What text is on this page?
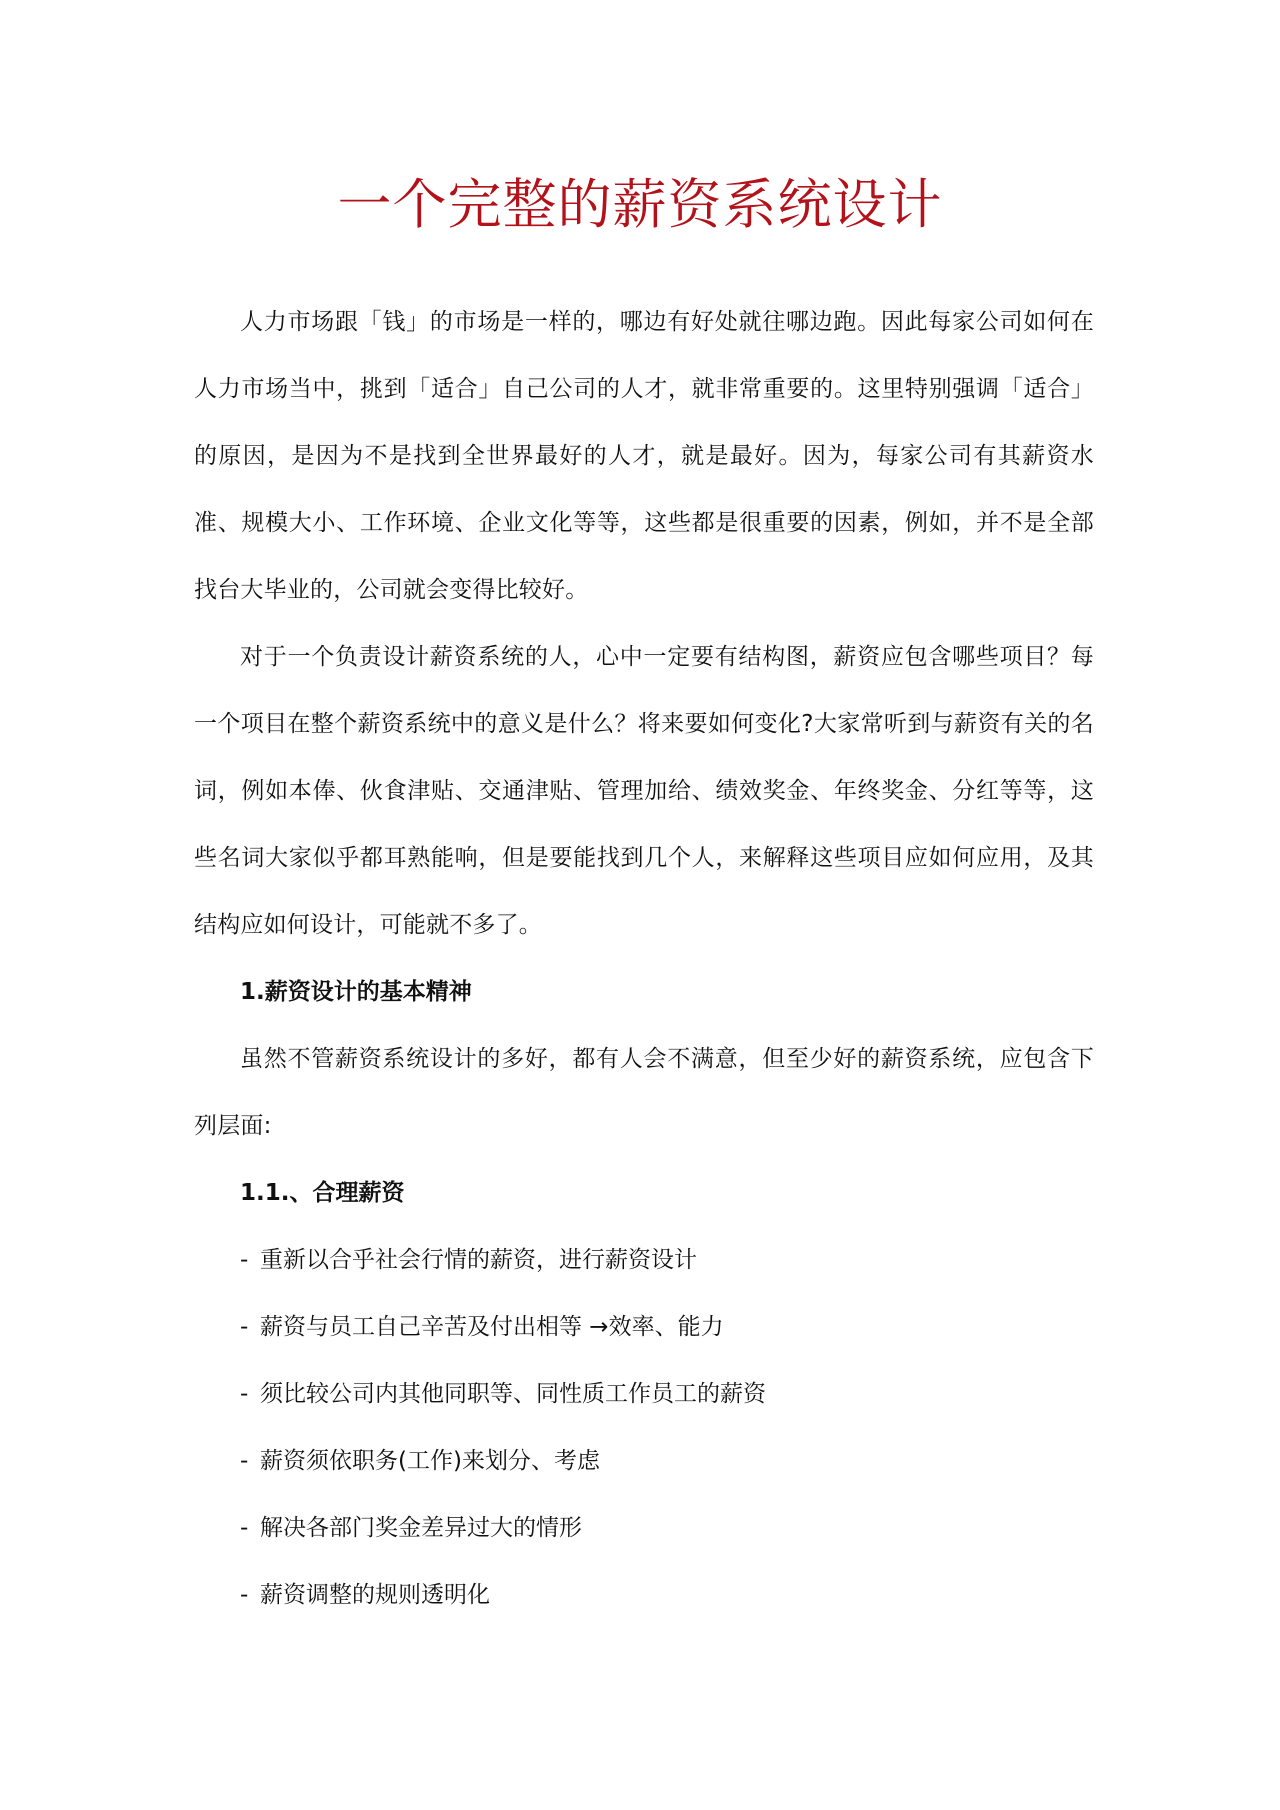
一个完整的薪资系统设计

人力市场跟「钱」的市场是一样的，哪边有好处就往哪边跑。因此每家公司如何在人力市场当中，挑到「适合」自己公司的人才，就非常重要的。这里特别强调「适合」的原因，是因为不是找到全世界最好的人才，就是最好。因为，每家公司有其薪资水准、规模大小、工作环境、企业文化等等，这些都是很重要的因素，例如，并不是全部找台大毕业的，公司就会变得比较好。

对于一个负责设计薪资系统的人，心中一定要有结构图，薪资应包含哪些项目？每一个项目在整个薪资系统中的意义是什么？将来要如何变化?大家常听到与薪资有关的名词，例如本俸、伙食津贴、交通津贴、管理加给、绩效奖金、年终奖金、分红等等，这些名词大家似乎都耳熟能响，但是要能找到几个人，来解释这些项目应如何应用，及其结构应如何设计，可能就不多了。

1.薪资设计的基本精神

虽然不管薪资系统设计的多好，都有人会不满意，但至少好的薪资系统，应包含下列层面:

1.1.、合理薪资

- 重新以合乎社会行情的薪资，进行薪资设计

- 薪资与员工自己辛苦及付出相等 →效率、能力

- 须比较公司内其他同职等、同性质工作员工的薪资

- 薪资须依职务(工作)来划分、考虑

- 解决各部门奖金差异过大的情形

- 薪资调整的规则透明化
